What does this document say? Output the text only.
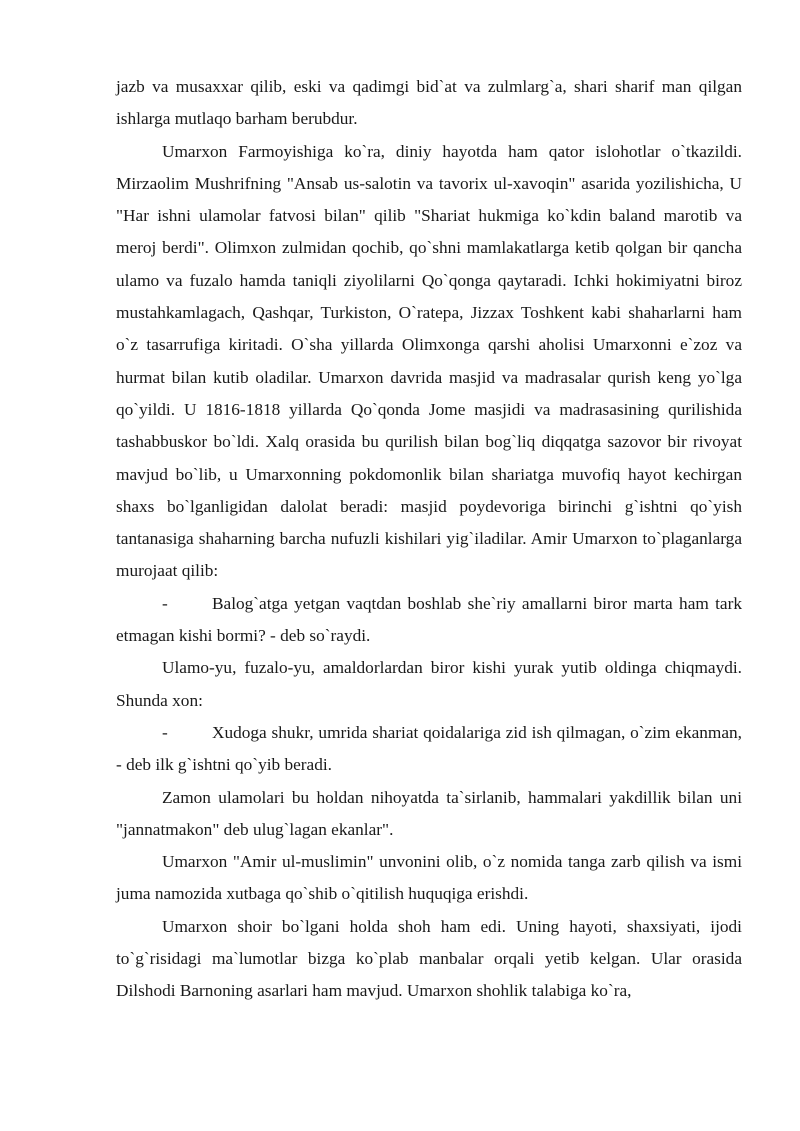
jazb va musaxxar qilib, eski va qadimgi bid`at va zulmlarg`a, shari sharif man qilgan ishlarga mutlaqo barham berubdur.

Umarxon Farmoyishiga ko`ra, diniy hayotda ham qator islohotlar o`tkazildi. Mirzaolim Mushrifning "Ansab us-salotin va tavorix ul-xavoqin" asarida yozilishicha, U "Har ishni ulamolar fatvosi bilan" qilib "Shariat hukmiga ko`kdin baland marotib va meroj berdi". Olimxon zulmidan qochib, qo`shni mamlakatlarga ketib qolgan bir qancha ulamo va fuzalo hamda taniqli ziyolilarni Qo`qonga qaytaradi. Ichki hokimiyatni biroz mustahkamlagach, Qashqar, Turkiston, O`ratepa, Jizzax Toshkent kabi shaharlarni ham o`z tasarrufiga kiritadi. O`sha yillarda Olimxonga qarshi aholisi Umarxonni e`zoz va hurmat bilan kutib oladilar. Umarxon davrida masjid va madrasalar qurish keng yo`lga qo`yildi. U 1816-1818 yillarda Qo`qonda Jome masjidi va madrasasining qurilishida tashabbuskor bo`ldi. Xalq orasida bu qurilish bilan bog`liq diqqatga sazovor bir rivoyat mavjud bo`lib, u Umarxonning pokdomonlik bilan shariatga muvofiq hayot kechirgan shaxs bo`lganligidan dalolat beradi: masjid poydevoriga birinchi g`ishtni qo`yish tantanasiga shaharning barcha nufuzli kishilari yig`iladilar. Amir Umarxon to`plaganlarga murojaat qilib:

-	Balog`atga yetgan vaqtdan boshlab she`riy amallarni biror marta ham tark etmagan kishi bormi? - deb so`raydi.

Ulamo-yu, fuzalo-yu, amaldorlardan biror kishi yurak yutib oldinga chiqmaydi. Shunda xon:

-	Xudoga shukr, umrida shariat qoidalariga zid ish qilmagan, o`zim ekanman, - deb ilk g`ishtni qo`yib beradi.

Zamon ulamolari bu holdan nihoyatda ta`sirlanib, hammalari yakdillik bilan uni "jannatmakon" deb ulug`lagan ekanlar".

Umarxon "Amir ul-muslimin" unvonini olib, o`z nomida tanga zarb qilish va ismi juma namozida xutbaga qo`shib o`qitilish huquqiga erishdi.

Umarxon shoir bo`lgani holda shoh ham edi. Uning hayoti, shaxsiyati, ijodi to`g`risidagi ma`lumotlar bizga ko`plab manbalar orqali yetib kelgan. Ular orasida Dilshodi Barnoning asarlari ham mavjud. Umarxon shohlik talabiga ko`ra,
